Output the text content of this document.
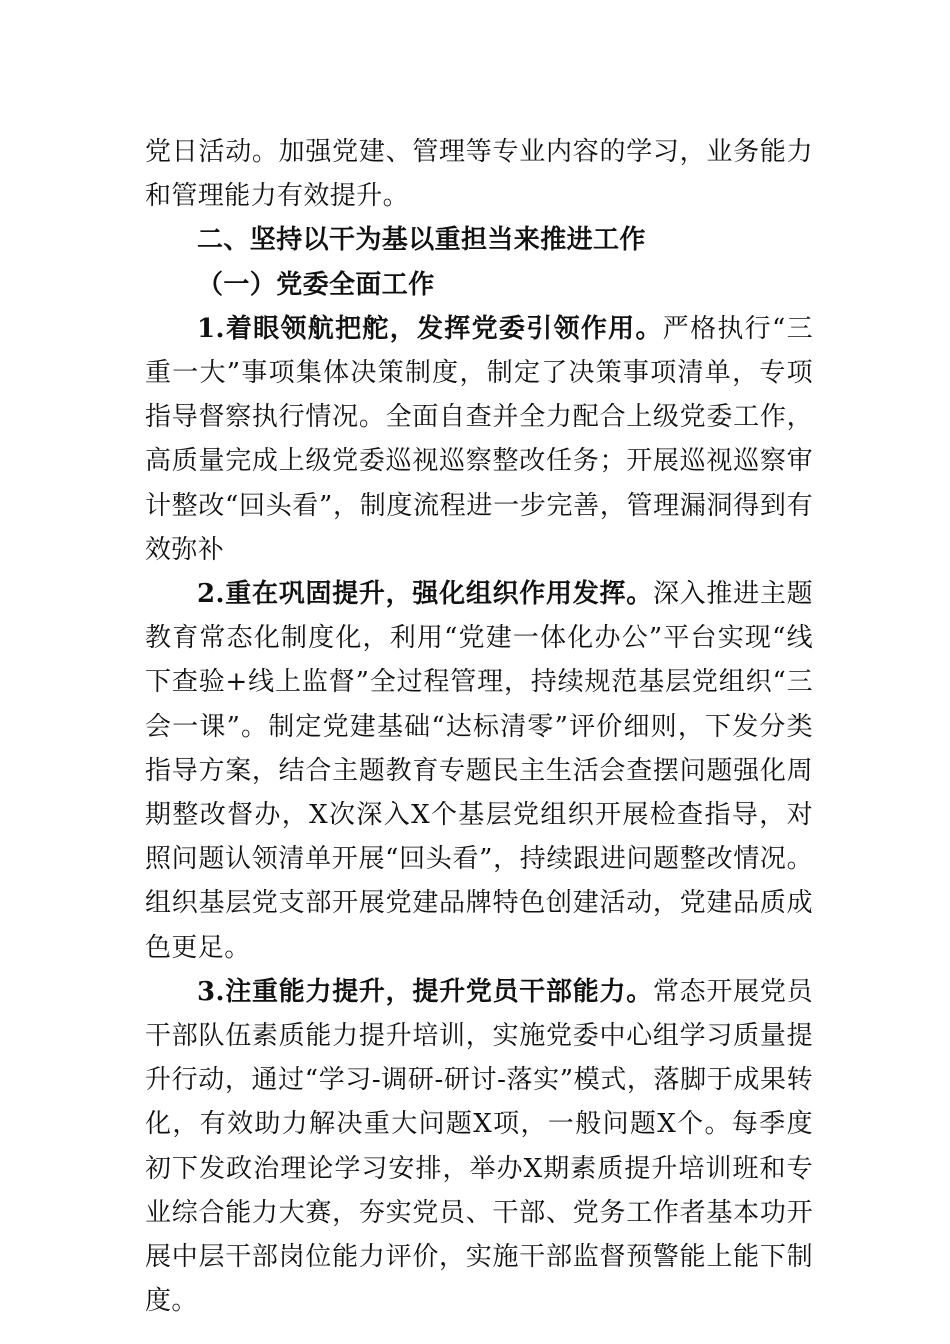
党日活动。加强党建、管理等专业内容的学习，业务能力和管理能力有效提升。

二、坚持以干为基以重担当来推进工作

（一）党委全面工作

1.着眼领航把舵，发挥党委引领作用。严格执行“三重一大”事项集体决策制度，制定了决策事项清单，专项指导督察执行情况。全面自查并全力配合上级党委工作，高质量完成上级党委巡视巡察整改任务；开展巡视巡察审计整改“回头看”，制度流程进一步完善，管理漏洞得到有效弥补

2.重在巩固提升，强化组织作用发挥。深入推进主题教育常态化制度化，利用“党建一体化办公”平台实现“线下查验+线上监督”全过程管理，持续规范基层党组织“三会一课”。制定党建基础“达标清零”评价细则，下发分类指导方案，结合主题教育专题民主生活会查摆问题强化周期整改督办，X次深入X个基层党组织开展检查指导，对照问题认领清单开展“回头看”，持续跟进问题整改情况。组织基层党支部开展党建品牌特色创建活动，党建品质成色更足。

3.注重能力提升，提升党员干部能力。常态开展党员干部队伍素质能力提升培训，实施党委中心组学习质量提升行动，通过“学习-调研-研讨-落实”模式，落脚于成果转化，有效助力解决重大问题X项，一般问题X个。每季度初下发政治理论学习安排，举办X期素质提升培训班和专业综合能力大赛，夯实党员、干部、党务工作者基本功开展中层干部岗位能力评价，实施干部监督预警能上能下制度。
